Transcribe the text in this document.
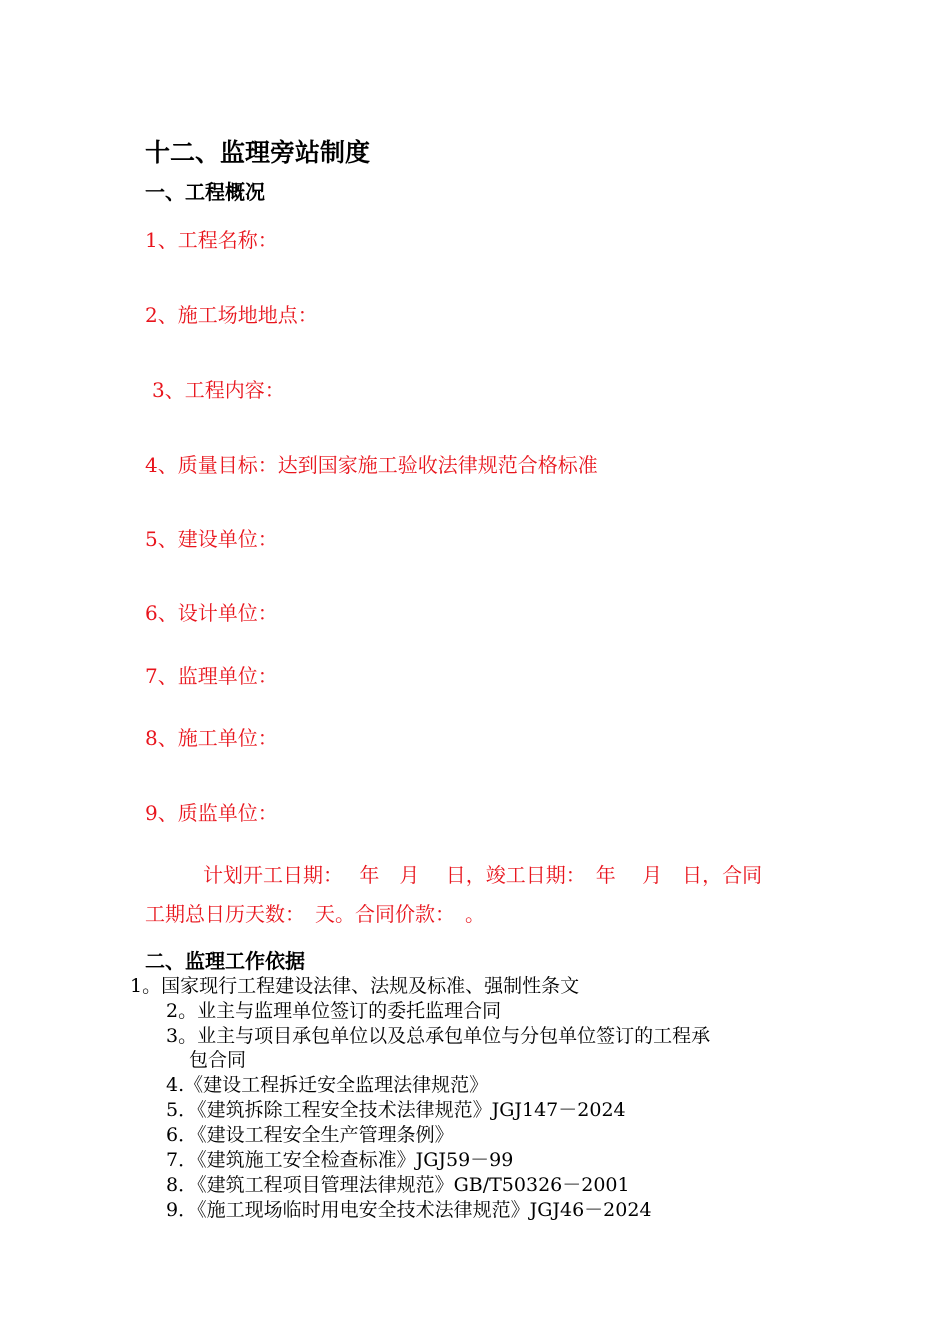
十二、监理旁站制度
一、工程概况
1、工程名称：
2、施工场地地点：
3、工程内容：
4、质量目标：达到国家施工验收法律规范合格标准
5、建设单位：
6、设计单位：
7、监理单位：
8、施工单位：
9、质监单位：
计划开工日期：　 年　月　 日，竣工日期：　年　 月　日，合同
工期总日历天数：　天。合同价款：　。
二、监理工作依据
1。国家现行工程建设法律、法规及标准、强制性条文
2。业主与监理单位签订的委托监理合同
3。业主与项目承包单位以及总承包单位与分包单位签订的工程承
包合同
4.《建设工程拆迁安全监理法律规范》
5．《建筑拆除工程安全技术法律规范》JGJ147－2024
6．《建设工程安全生产管理条例》
7．《建筑施工安全检查标准》JGJ59－99
8．《建筑工程项目管理法律规范》GB/T50326－2001
9．《施工现场临时用电安全技术法律规范》JGJ46－2024
